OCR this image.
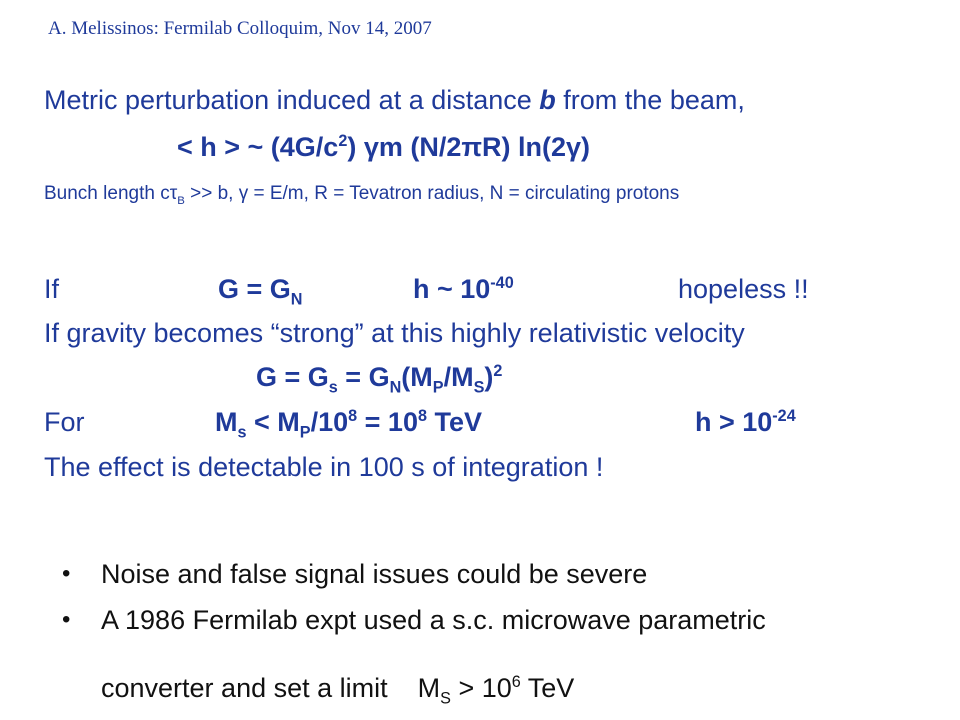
A. Melissinos: Fermilab Colloquim, Nov 14, 2007
Metric perturbation induced at a distance b from the beam,
< h > ~ $(4G/c^2)$ γm (N/2πR) ln(2γ)
Bunch length $c\tau_B >> b$, γ = E/m, R = Tevatron radius, N = circulating protons
If	$G = G_N$	h ~ $10^{-40}$	hopeless !!
If gravity becomes “strong” at this highly relativistic velocity
$G = G_s = G_N(M_P/M_S)^2$
For	$M_s < M_P/10^8 = 10^8$ TeV	$h > 10^{-24}$
The effect is detectable in 100 s of integration !
• Noise and false signal issues could be severe
• A 1986 Fermilab expt used a s.c. microwave parametric

converter and set a limit    $M_S > 10^6$ TeV
